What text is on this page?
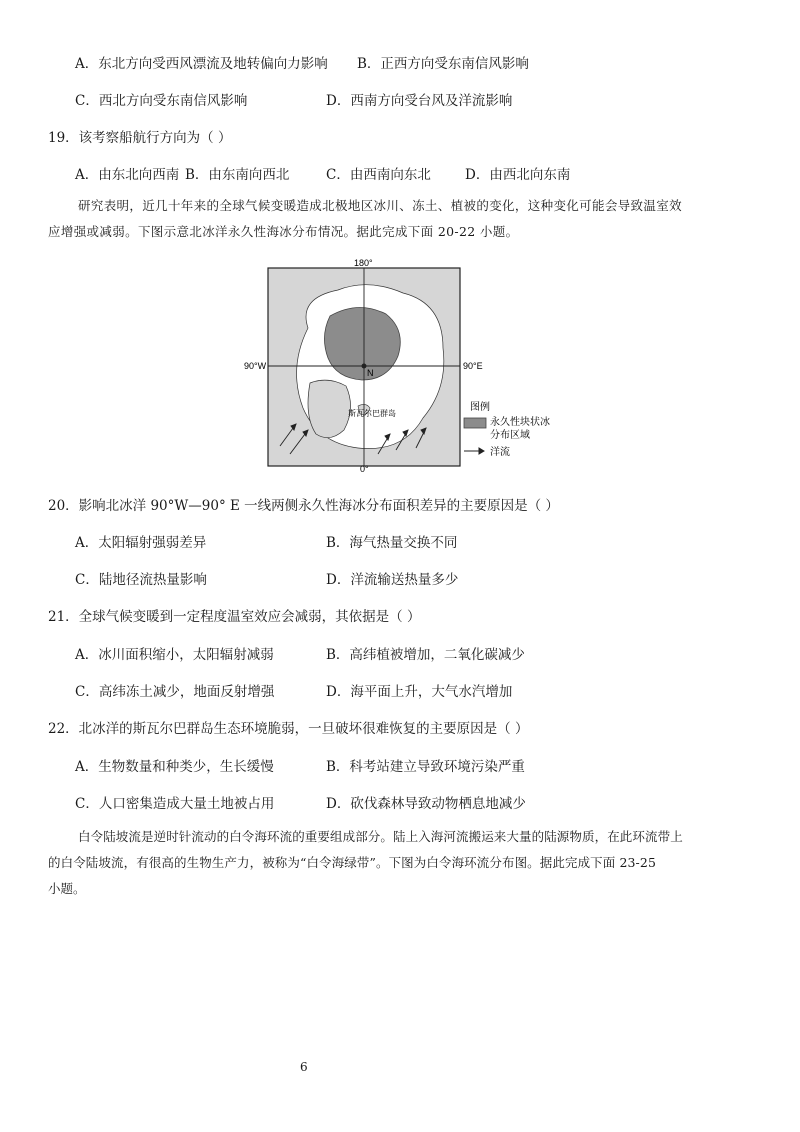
A．东北方向受西风漂流及地转偏向力影响 B．正西方向受东南信风影响
C．西北方向受东南信风影响	D．西南方向受台风及洋流影响
19．该考察船航行方向为（ ）
A．由东北向西南 B．由东南向西北	C．由西南向东北	D．由西北向东南
研究表明，近几十年来的全球气候变暖造成北极地区冰川、冻土、植被的变化，这种变化可能会导致温室效
应增强或减弱。下图示意北冰洋永久性海冰分布情况。据此完成下面 20-22 小题。
180°
90°W	90°E
0°
N
斯瓦尔巴群岛
图例
永久性块状冰
分布区域
洋流
20．影响北冰洋 90°W—90° E 一线两侧永久性海冰分布面积差异的主要原因是（ ）
A．太阳辐射强弱差异	B．海气热量交换不同
C．陆地径流热量影响	D．洋流输送热量多少
21．全球气候变暖到一定程度温室效应会减弱，其依据是（ ）
A．冰川面积缩小，太阳辐射减弱	B．高纬植被增加，二氧化碳减少
C．高纬冻土减少，地面反射增强	D．海平面上升，大气水汽增加
22．北冰洋的斯瓦尔巴群岛生态环境脆弱，一旦破坏很难恢复的主要原因是（ ）
A．生物数量和种类少，生长缓慢	B．科考站建立导致环境污染严重
C．人口密集造成大量土地被占用	D．砍伐森林导致动物栖息地减少
白令陆坡流是逆时针流动的白令海环流的重要组成部分。陆上入海河流搬运来大量的陆源物质，在此环流带上
的白令陆坡流，有很高的生物生产力，被称为“白令海绿带”。下图为白令海环流分布图。据此完成下面 23-25
小题。
6
